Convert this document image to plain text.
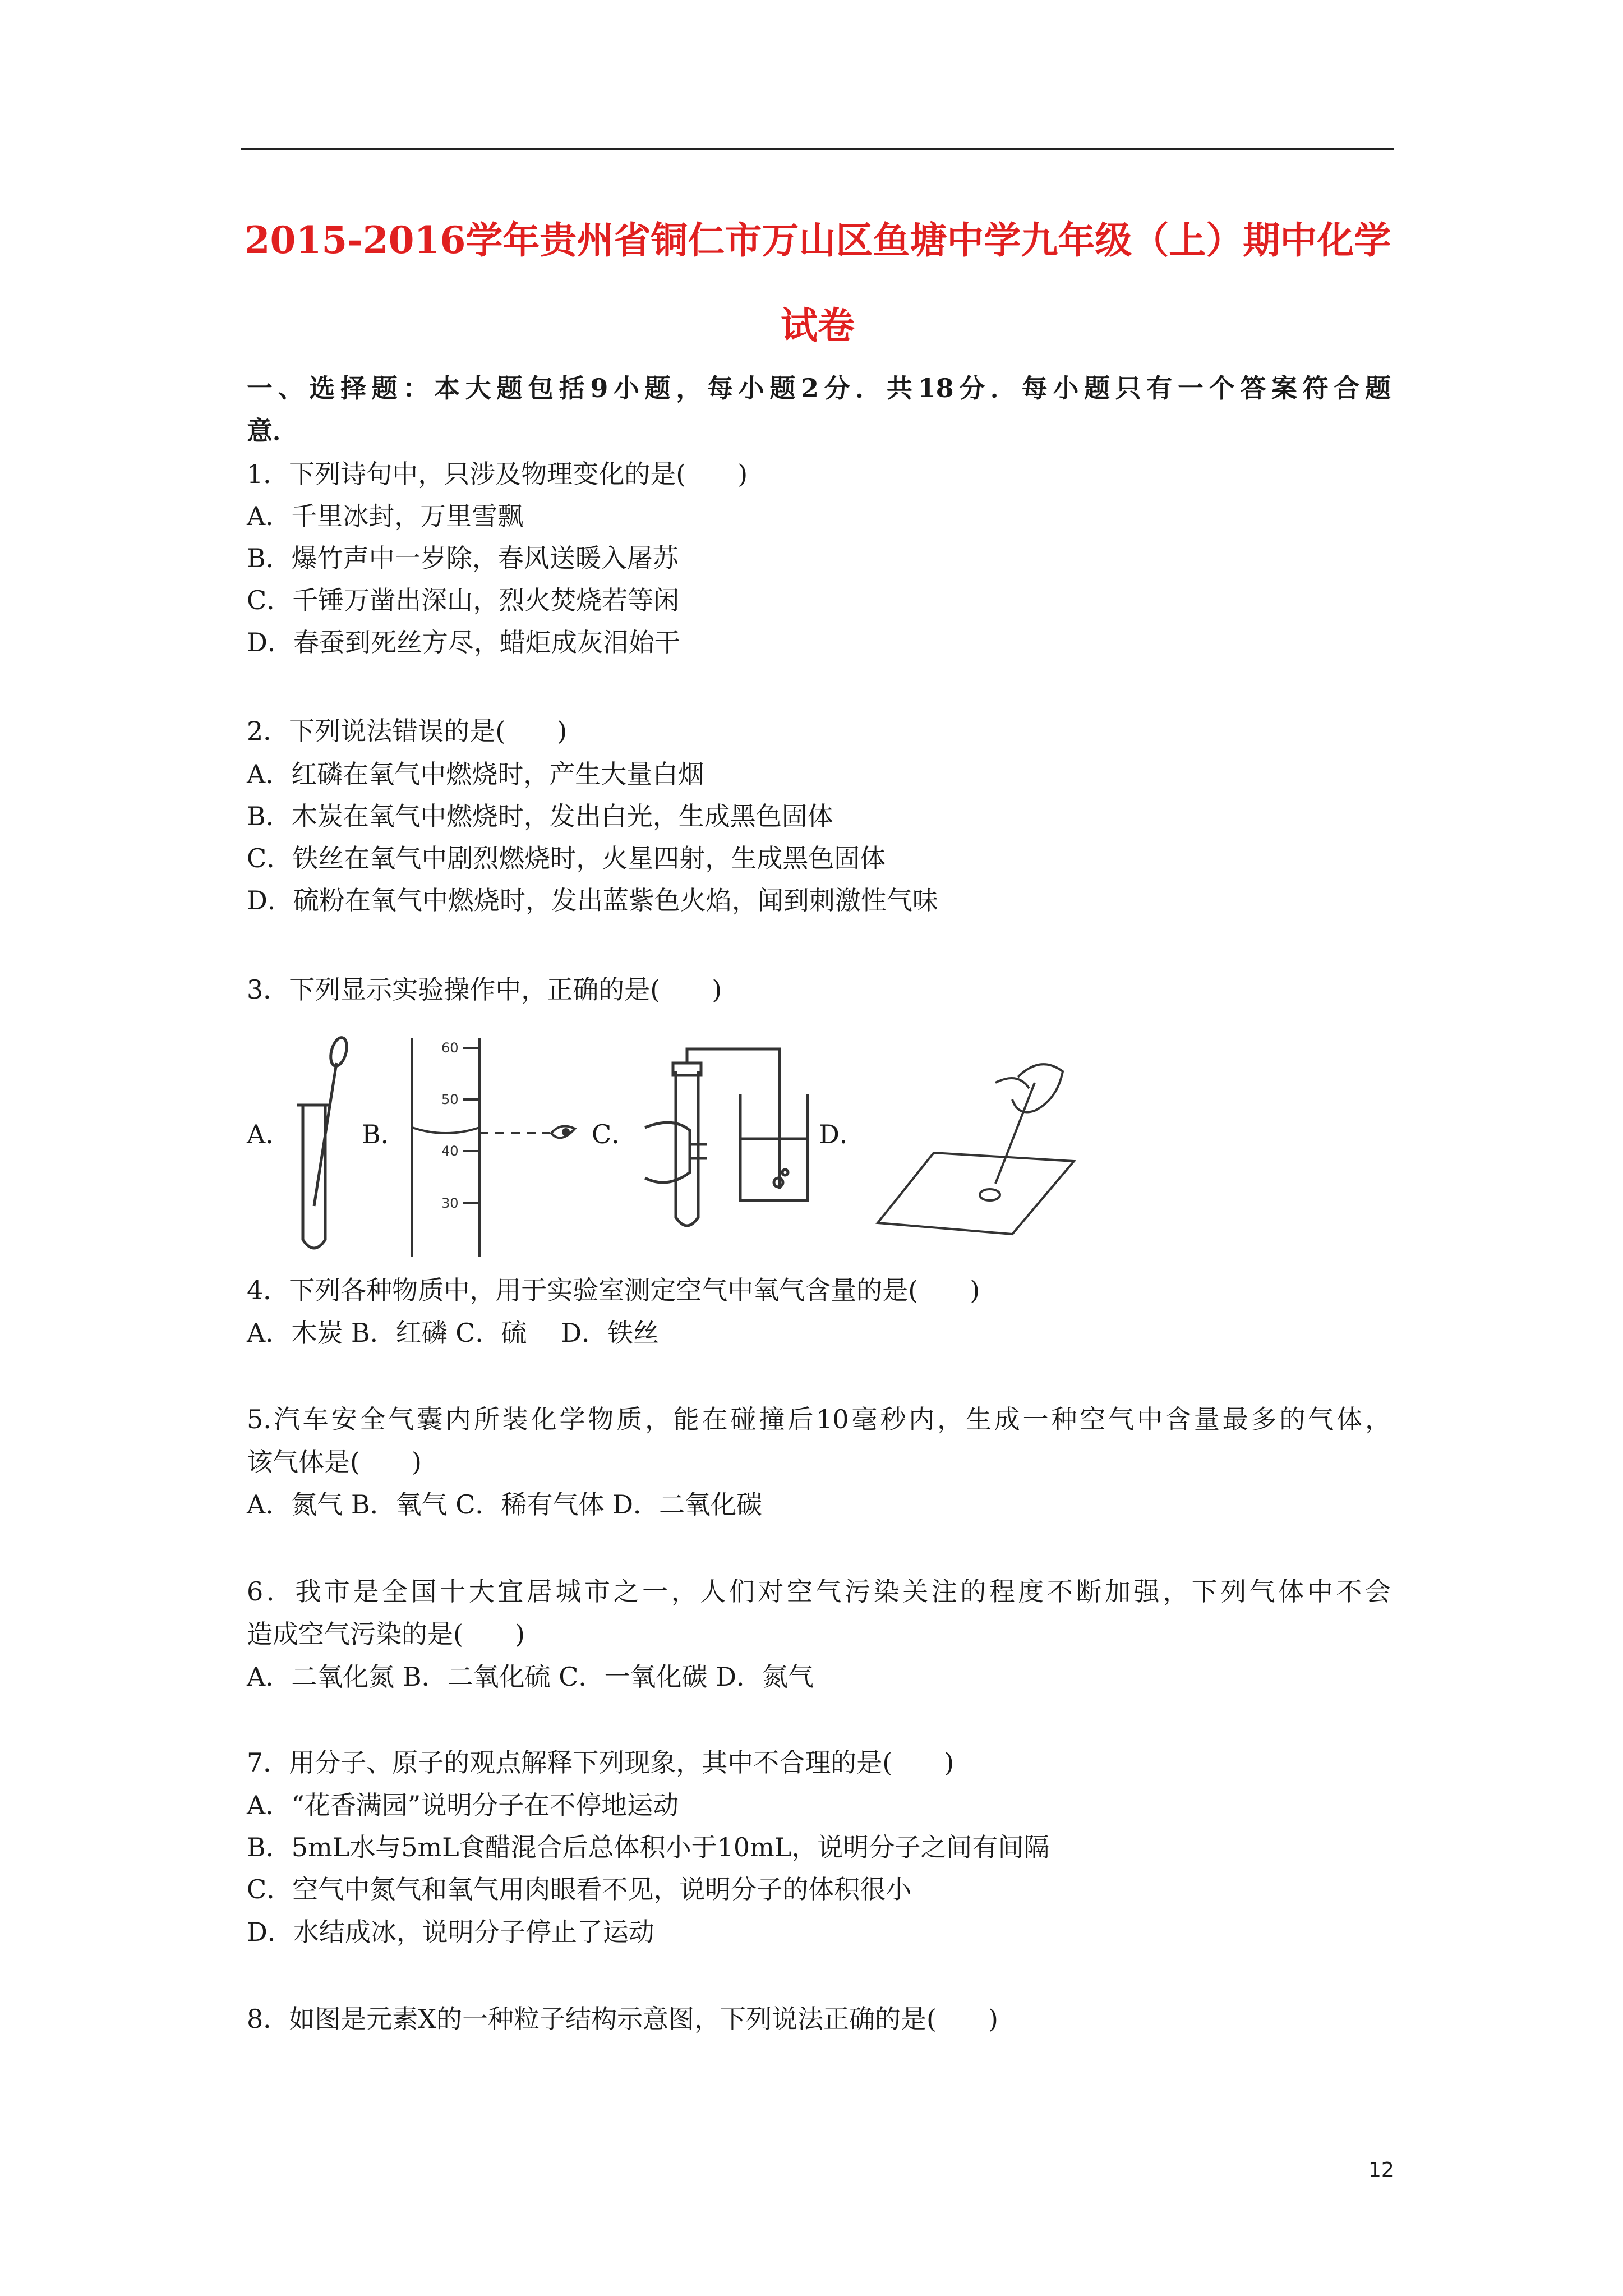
2015-2016学年贵州省铜仁市万山区鱼塘中学九年级（上）期中化学
试卷
一、选择题：本大题包括9小题，每小题2分．共18分．每小题只有一个答案符合题
意．
1．下列诗句中，只涉及物理变化的是(　　)
A．千里冰封，万里雪飘
B．爆竹声中一岁除，春风送暖入屠苏
C．千锤万凿出深山，烈火焚烧若等闲
D．春蚕到死丝方尽，蜡炬成灰泪始干
2．下列说法错误的是(　　)
A．红磷在氧气中燃烧时，产生大量白烟
B．木炭在氧气中燃烧时，发出白光，生成黑色固体
C．铁丝在氧气中剧烈燃烧时，火星四射，生成黑色固体
D．硫粉在氧气中燃烧时，发出蓝紫色火焰，闻到刺激性气味
3．下列显示实验操作中，正确的是(　　)
A．	B．	C．	D．
60
50
40
30
4．下列各种物质中，用于实验室测定空气中氧气含量的是(　　)
A．木炭 B．红磷 C．硫　 D．铁丝
5.汽车安全气囊内所装化学物质，能在碰撞后10毫秒内，生成一种空气中含量最多的气体，
该气体是(　　)
A．氮气 B．氧气 C．稀有气体 D．二氧化碳
6．我市是全国十大宜居城市之一，人们对空气污染关注的程度不断加强，下列气体中不会
造成空气污染的是(　　)
A．二氧化氮 B．二氧化硫 C．一氧化碳 D．氮气
7．用分子、原子的观点解释下列现象，其中不合理的是(　　)
A．“花香满园”说明分子在不停地运动
B．5mL水与5mL食醋混合后总体积小于10mL，说明分子之间有间隔
C．空气中氮气和氧气用肉眼看不见，说明分子的体积很小
D．水结成冰，说明分子停止了运动
8．如图是元素X的一种粒子结构示意图，下列说法正确的是(　　)
12
